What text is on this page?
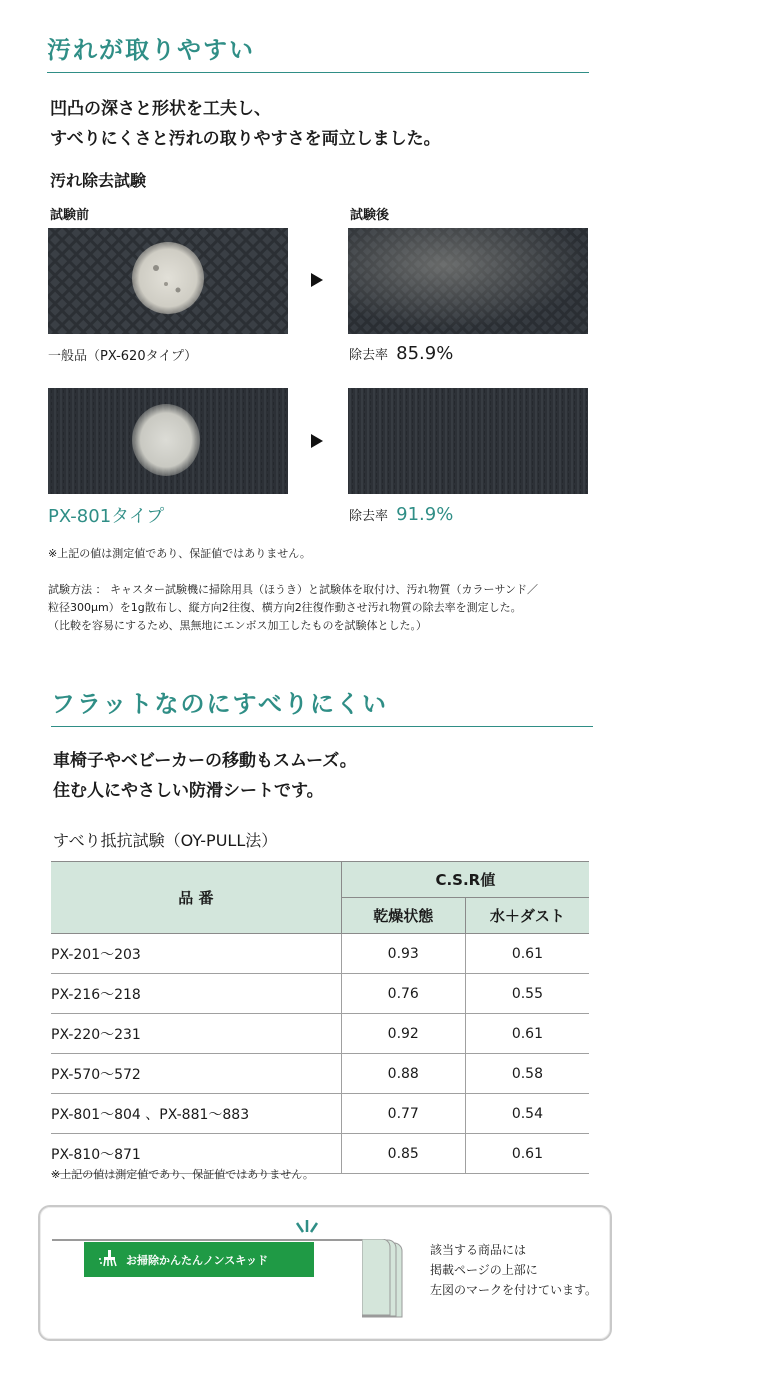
汚れが取りやすい
凹凸の深さと形状を工夫し、
すべりにくさと汚れの取りやすさを両立しました。
汚れ除去試験
試験前	試験後
一般品（PX-620タイプ）	除去率 85.9%
PX-801タイプ	除去率 91.9%
※上記の値は測定値であり、保証値ではありません。
試験方法 ： キャスター試験機に掃除用具（ほうき）と試験体を取付け、汚れ物質（カラーサンド／
粒径300μm）を1g散布し、縦方向2往復、横方向2往復作動させ汚れ物質の除去率を測定した。
（比較を容易にするため、黒無地にエンボス加工したものを試験体とした。）
フラットなのにすべりにくい
車椅子やベビーカーの移動もスムーズ。
住む人にやさしい防滑シートです。
すべり抵抗試験（OY-PULL法）
品 番	C.S.R値	
	乾燥状態	水＋ダスト
PX-201〜203	0.93	0.61
PX-216〜218	0.76	0.55
PX-220〜231	0.92	0.61
PX-570〜572	0.88	0.58
PX-801〜804 、PX-881〜883	0.77	0.54
PX-810〜871	0.85	0.61
※上記の値は測定値であり、保証値ではありません。
お掃除かんたんノンスキッド
該当する商品には
掲載ページの上部に
左図のマークを付けています。
